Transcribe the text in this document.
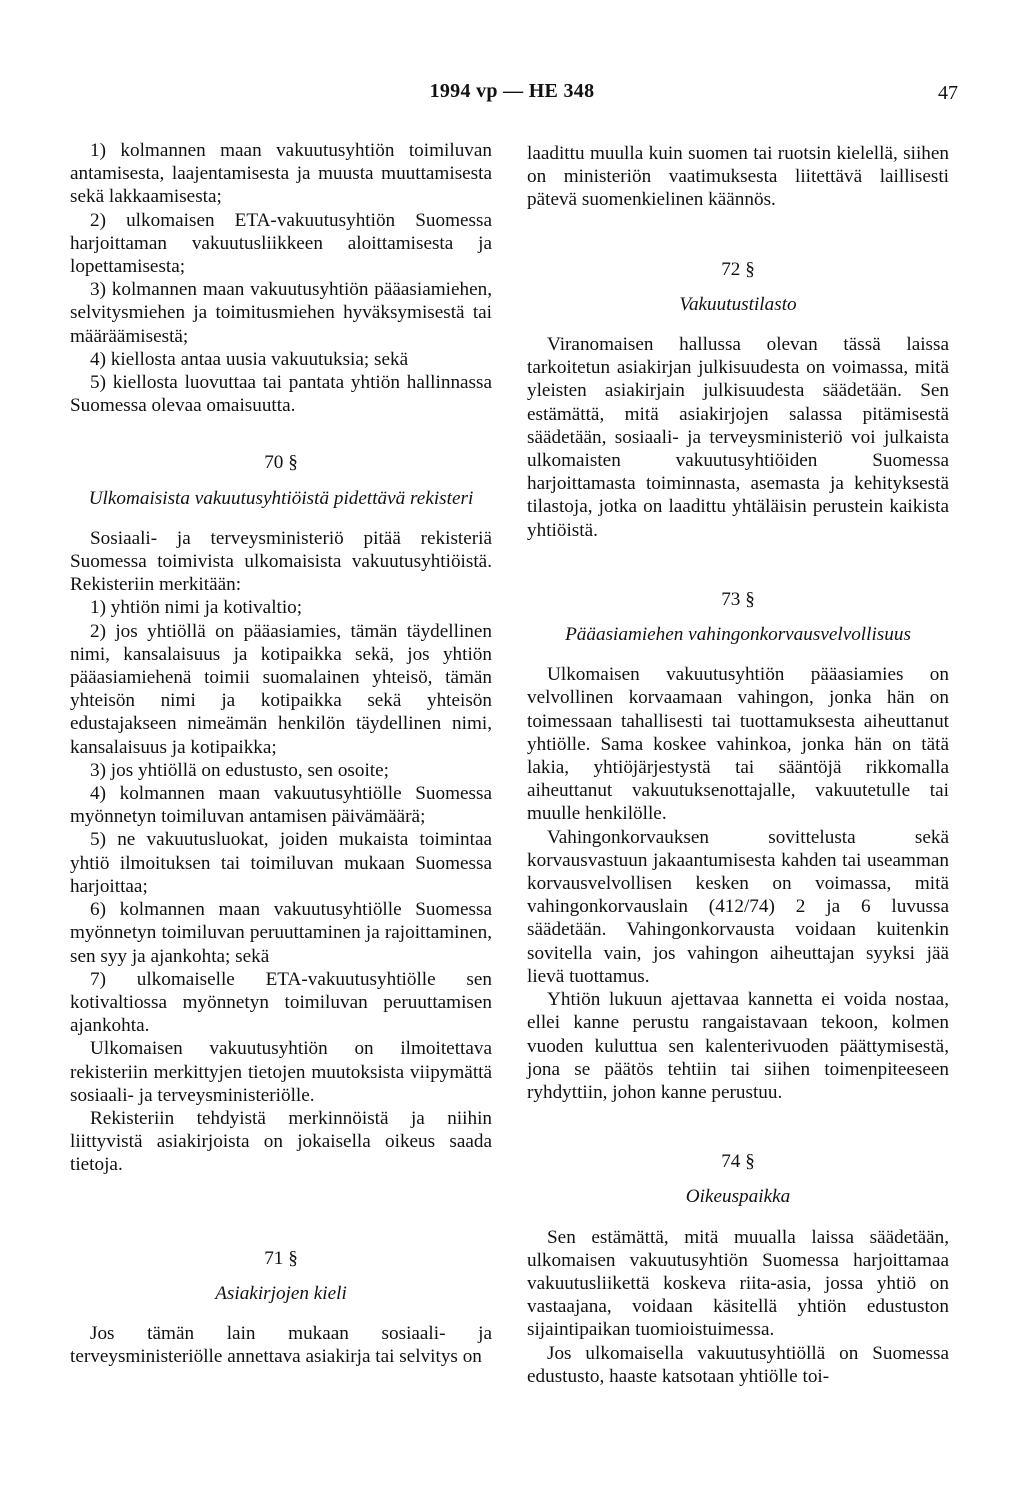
1994 vp — HE 348	47

1) kolmannen maan vakuutusyhtiön toimiluvan antamisesta, laajentamisesta ja muusta muuttamisesta sekä lakkaamisesta;

2) ulkomaisen ETA-vakuutusyhtiön Suomessa harjoittaman vakuutusliikkeen aloittamisesta ja lopettamisesta;

3) kolmannen maan vakuutusyhtiön pääasiamiehen, selvitysmiehen ja toimitusmiehen hyväksymisestä tai määräämisestä;

4) kiellosta antaa uusia vakuutuksia; sekä

5) kiellosta luovuttaa tai pantata yhtiön hallinnassa Suomessa olevaa omaisuutta.

70 §
Ulkomaisista vakuutusyhtiöistä pidettävä rekisteri

Sosiaali- ja terveysministeriö pitää rekisteriä Suomessa toimivista ulkomaisista vakuutusyhtiöistä. Rekisteriin merkitään:

1) yhtiön nimi ja kotivaltio;

2) jos yhtiöllä on pääasiamies, tämän täydellinen nimi, kansalaisuus ja kotipaikka sekä, jos yhtiön pääasiamiehenä toimii suomalainen yhteisö, tämän yhteisön nimi ja kotipaikka sekä yhteisön edustajakseen nimeämän henkilön täydellinen nimi, kansalaisuus ja kotipaikka;

3) jos yhtiöllä on edustusto, sen osoite;

4) kolmannen maan vakuutusyhtiölle Suomessa myönnetyn toimiluvan antamisen päivämäärä;

5) ne vakuutusluokat, joiden mukaista toimintaa yhtiö ilmoituksen tai toimiluvan mukaan Suomessa harjoittaa;

6) kolmannen maan vakuutusyhtiölle Suomessa myönnetyn toimiluvan peruuttaminen ja rajoittaminen, sen syy ja ajankohta; sekä

7) ulkomaiselle ETA-vakuutusyhtiölle sen kotivaltiossa myönnetyn toimiluvan peruuttamisen ajankohta.

Ulkomaisen vakuutusyhtiön on ilmoitettava rekisteriin merkittyjen tietojen muutoksista viipymättä sosiaali- ja terveysministeriölle.

Rekisteriin tehdyistä merkinnöistä ja niihin liittyvistä asiakirjoista on jokaisella oikeus saada tietoja.

71 §
Asiakirjojen kieli

Jos tämän lain mukaan sosiaali- ja terveysministeriölle annettava asiakirja tai selvitys on

laadittu muulla kuin suomen tai ruotsin kielellä, siihen on ministeriön vaatimuksesta liitettävä laillisesti pätevä suomenkielinen käännös.

72 §
Vakuutustilasto

Viranomaisen hallussa olevan tässä laissa tarkoitetun asiakirjan julkisuudesta on voimassa, mitä yleisten asiakirjain julkisuudesta säädetään. Sen estämättä, mitä asiakirjojen salassa pitämisestä säädetään, sosiaali- ja terveysministeriö voi julkaista ulkomaisten vakuutusyhtiöiden Suomessa harjoittamasta toiminnasta, asemasta ja kehityksestä tilastoja, jotka on laadittu yhtäläisin perustein kaikista yhtiöistä.

73 §
Pääasiamiehen vahingonkorvausvelvollisuus

Ulkomaisen vakuutusyhtiön pääasiamies on velvollinen korvaamaan vahingon, jonka hän on toimessaan tahallisesti tai tuottamuksesta aiheuttanut yhtiölle. Sama koskee vahinkoa, jonka hän on tätä lakia, yhtiöjärjestystä tai sääntöjä rikkomalla aiheuttanut vakuutuksenottajalle, vakuutetulle tai muulle henkilölle.

Vahingonkorvauksen sovittelusta sekä korvausvastuun jakaantumisesta kahden tai useamman korvausvelvollisen kesken on voimassa, mitä vahingonkorvauslain (412/74) 2 ja 6 luvussa säädetään. Vahingonkorvausta voidaan kuitenkin sovitella vain, jos vahingon aiheuttajan syyksi jää lievä tuottamus.

Yhtiön lukuun ajettavaa kannetta ei voida nostaa, ellei kanne perustu rangaistavaan tekoon, kolmen vuoden kuluttua sen kalenterivuoden päättymisestä, jona se päätös tehtiin tai siihen toimenpiteeseen ryhdyttiin, johon kanne perustuu.

74 §
Oikeuspaikka

Sen estämättä, mitä muualla laissa säädetään, ulkomaisen vakuutusyhtiön Suomessa harjoittamaa vakuutusliikettä koskeva riita-asia, jossa yhtiö on vastaajana, voidaan käsitellä yhtiön edustuston sijaintipaikan tuomioistuimessa.

Jos ulkomaisella vakuutusyhtiöllä on Suomessa edustusto, haaste katsotaan yhtiölle toi-
